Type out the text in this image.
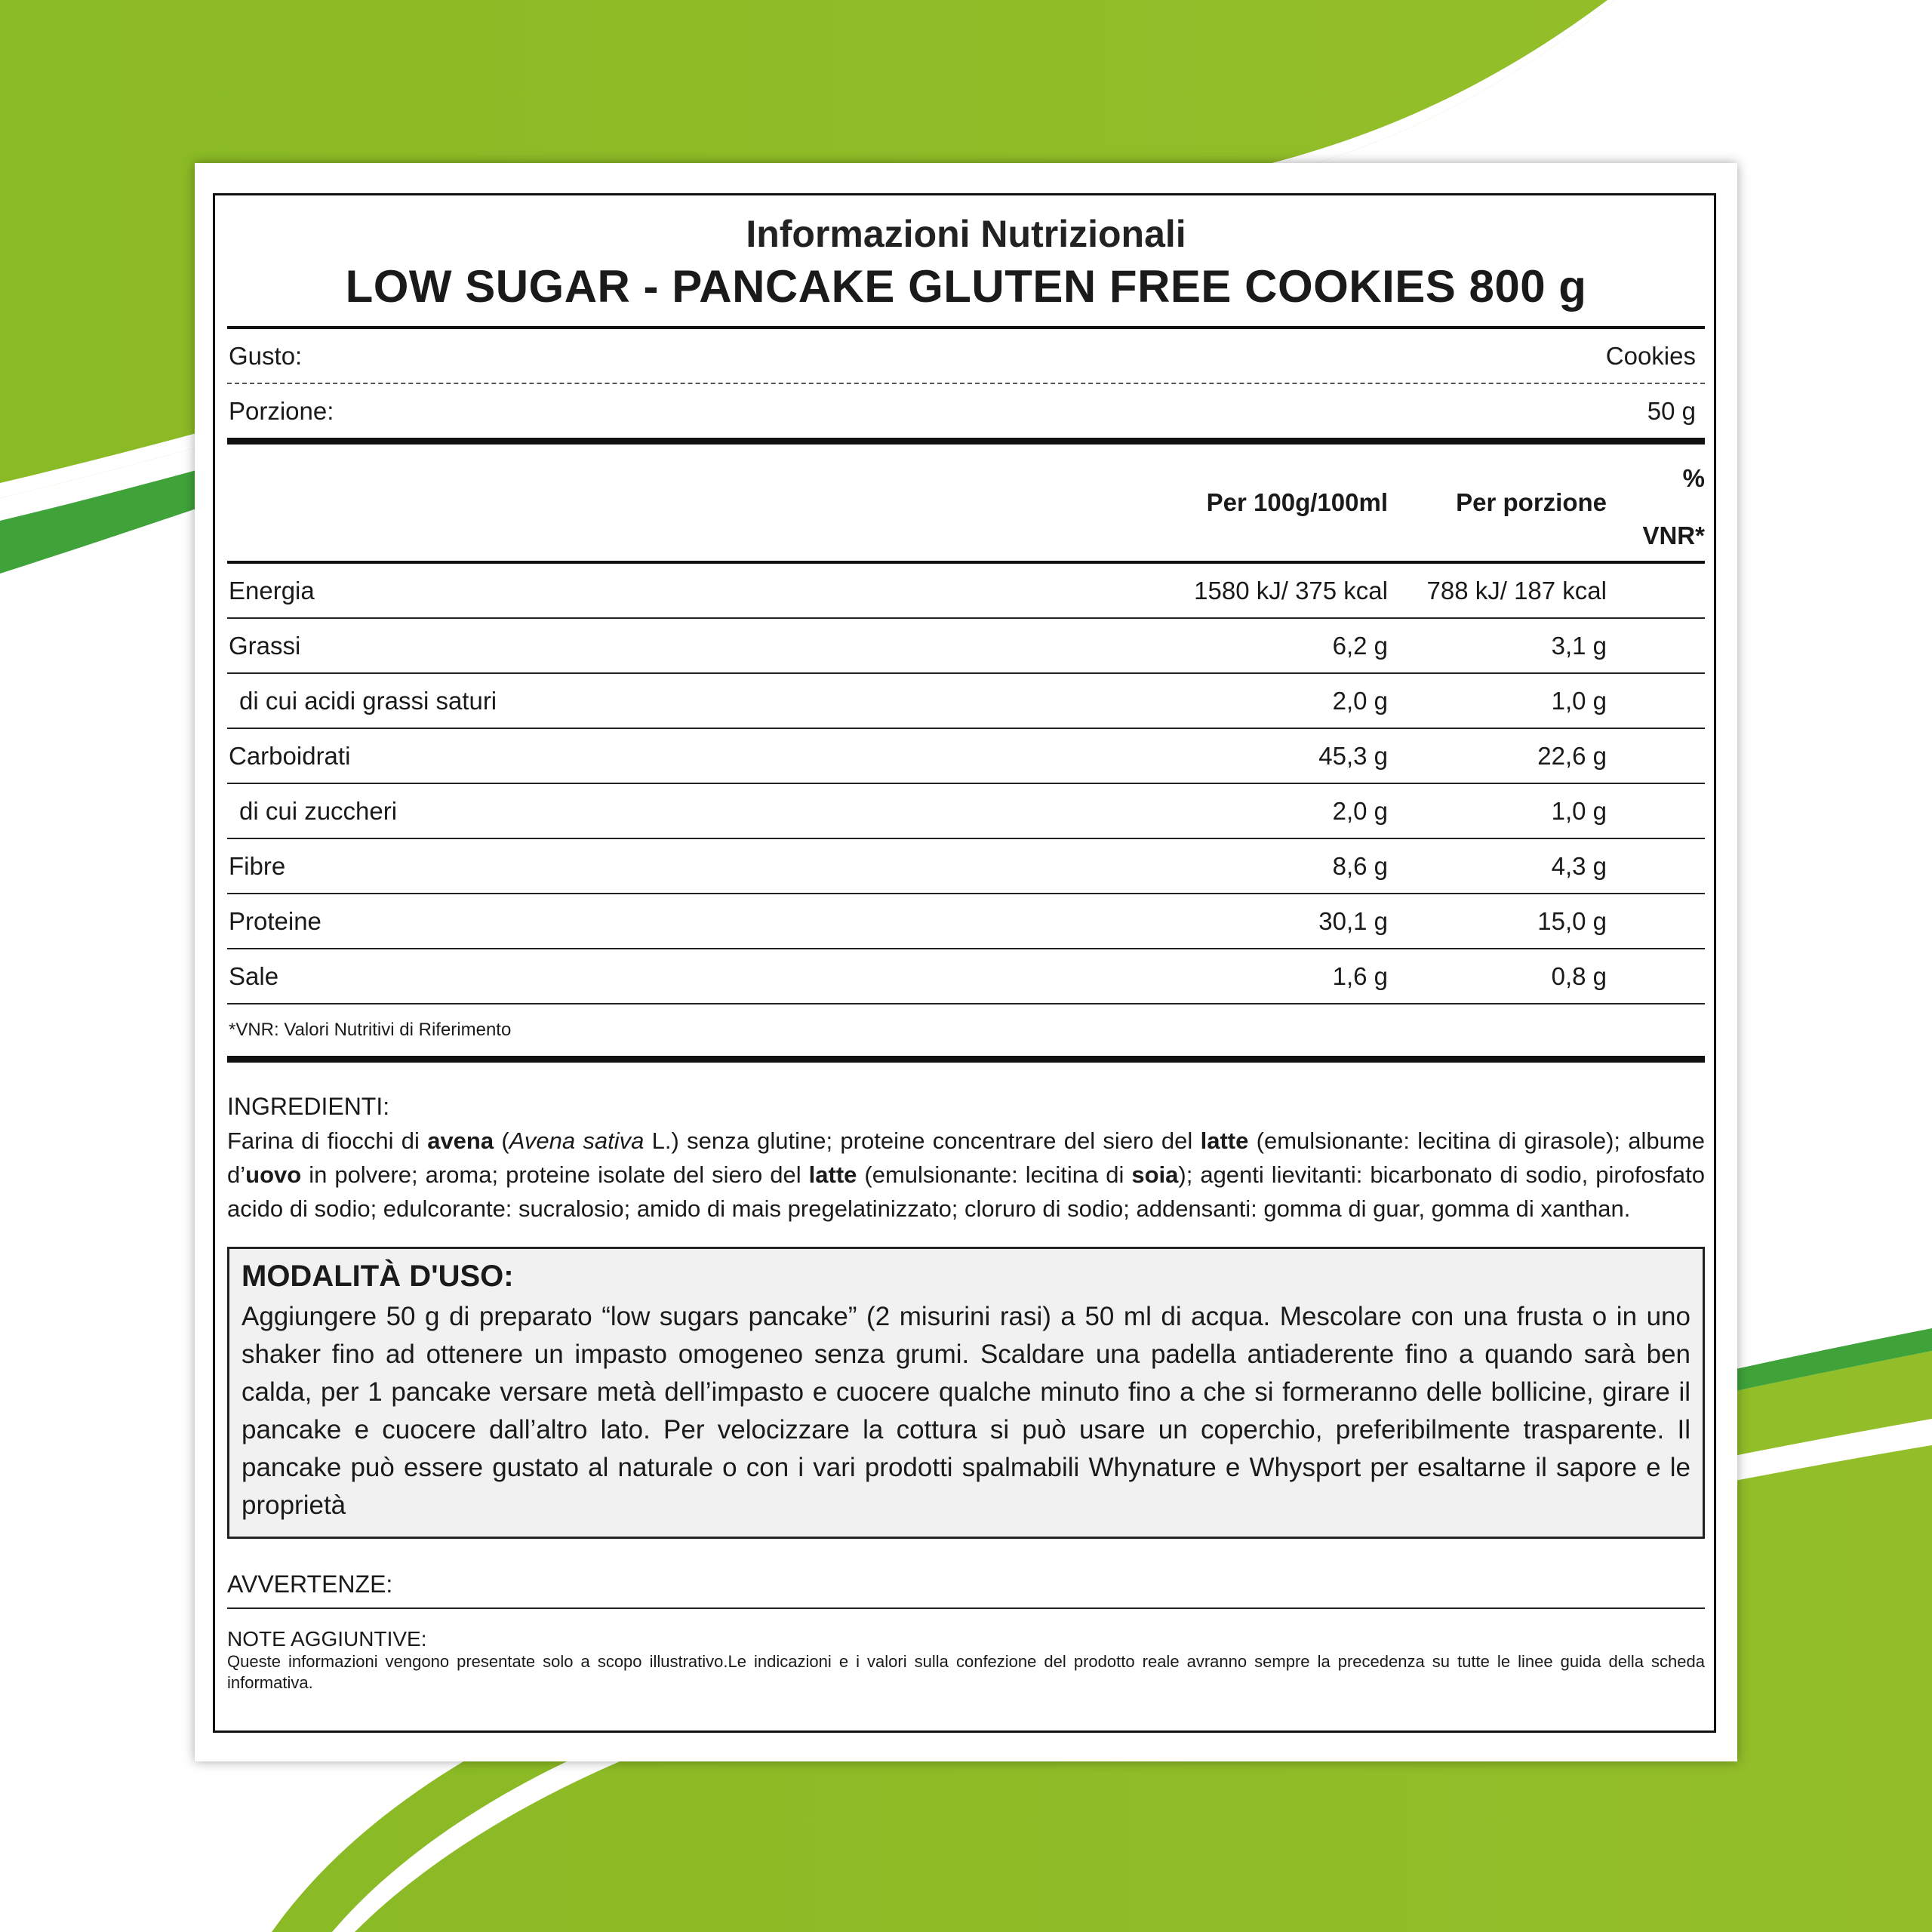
Informazioni Nutrizionali
LOW SUGAR - PANCAKE GLUTEN FREE COOKIES 800 g
Gusto:	Cookies
Porzione:	50 g
Per 100g/100ml	Per porzione
%
VNR*
Energia	1580 kJ/ 375 kcal	788 kJ/ 187 kcal
Grassi	6,2 g	3,1 g
di cui acidi grassi saturi	2,0 g	1,0 g
Carboidrati	45,3 g	22,6 g
di cui zuccheri	2,0 g	1,0 g
Fibre	8,6 g	4,3 g
Proteine	30,1 g	15,0 g
Sale	1,6 g	0,8 g
*VNR: Valori Nutritivi di Riferimento
INGREDIENTI:
Farina di fiocchi di avena (Avena sativa L.) senza glutine; proteine concentrare del siero del latte (emulsionante: lecitina di girasole); albume d’uovo in polvere; aroma; proteine isolate del siero del latte (emulsionante: lecitina di soia); agenti lievitanti: bicarbonato di sodio, pirofosfato acido di sodio; edulcorante: sucralosio; amido di mais pregelatinizzato; cloruro di sodio; addensanti: gomma di guar, gomma di xanthan.
MODALITÀ D'USO:
Aggiungere 50 g di preparato “low sugars pancake” (2 misurini rasi) a 50 ml di acqua. Mescolare con una frusta o in uno shaker fino ad ottenere un impasto omogeneo senza grumi. Scaldare una padella antiaderente fino a quando sarà ben calda, per 1 pancake versare metà dell’impasto e cuocere qualche minuto fino a che si formeranno delle bollicine, girare il pancake e cuocere dall’altro lato. Per velocizzare la cottura si può usare un coperchio, preferibilmente trasparente. Il pancake può essere gustato al naturale o con i vari prodotti spalmabili Whynature e Whysport per esaltarne il sapore e le proprietà
AVVERTENZE:
NOTE AGGIUNTIVE:
Queste informazioni vengono presentate solo a scopo illustrativo.Le indicazioni e i valori sulla confezione del prodotto reale avranno sempre la precedenza su tutte le linee guida della scheda informativa.
